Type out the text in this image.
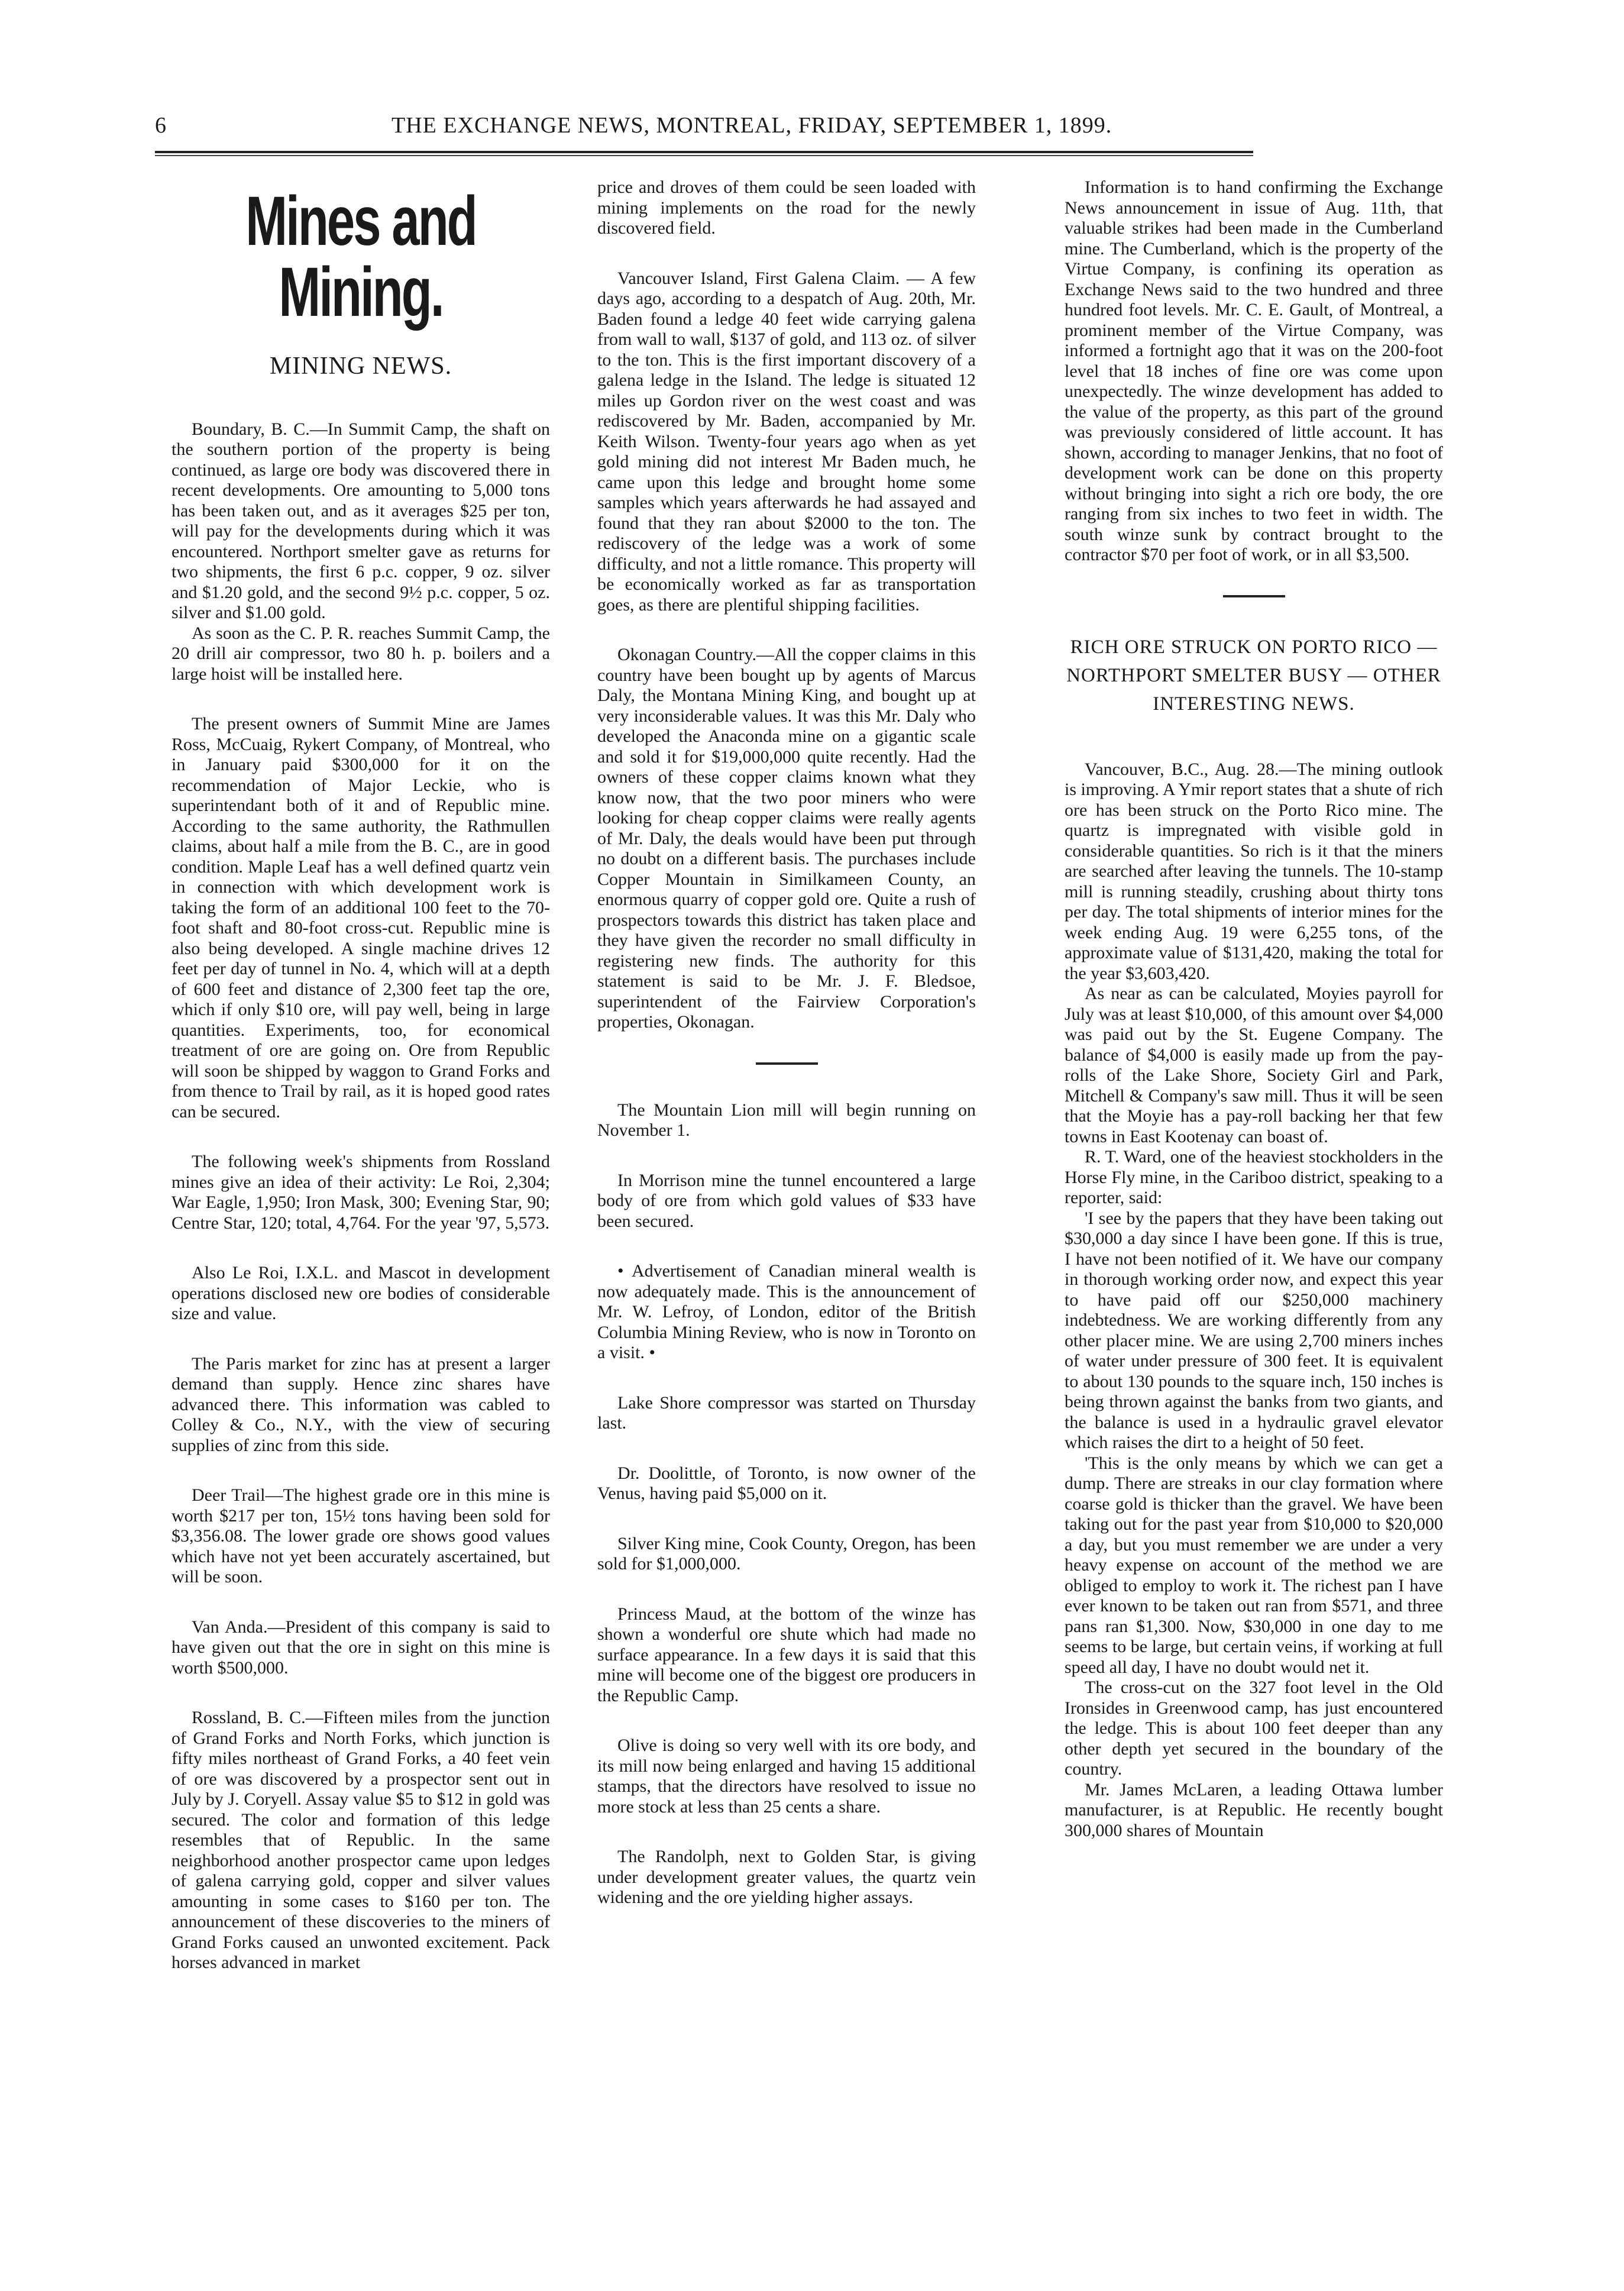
6	THE EXCHANGE NEWS, MONTREAL, FRIDAY, SEPTEMBER 1, 1899.
Mines and Mining.
MINING NEWS.

Boundary, B. C.—In Summit Camp, the shaft on the southern portion of the property is being continued, as large ore body was discovered there in recent developments. Ore amounting to 5,000 tons has been taken out, and as it averages $25 per ton, will pay for the developments during which it was encountered. Northport smelter gave as returns for two shipments, the first 6 p.c. copper, 9 oz. silver and $1.20 gold, and the second 9½ p.c. copper, 5 oz. silver and $1.00 gold.

As soon as the C. P. R. reaches Summit Camp, the 20 drill air compressor, two 80 h. p. boilers and a large hoist will be installed here.

The present owners of Summit Mine are James Ross, McCuaig, Rykert Company, of Montreal, who in January paid $300,000 for it on the recommendation of Major Leckie, who is superintendant both of it and of Republic mine. According to the same authority, the Rathmullen claims, about half a mile from the B. C., are in good condition. Maple Leaf has a well defined quartz vein in connection with which development work is taking the form of an additional 100 feet to the 70-foot shaft and 80-foot cross-cut. Republic mine is also being developed. A single machine drives 12 feet per day of tunnel in No. 4, which will at a depth of 600 feet and distance of 2,300 feet tap the ore, which if only $10 ore, will pay well, being in large quantities. Experiments, too, for economical treatment of ore are going on. Ore from Republic will soon be shipped by waggon to Grand Forks and from thence to Trail by rail, as it is hoped good rates can be secured.

The following week's shipments from Rossland mines give an idea of their activity: Le Roi, 2,304; War Eagle, 1,950; Iron Mask, 300; Evening Star, 90; Centre Star, 120; total, 4,764. For the year '97, 5,573.

Also Le Roi, I.X.L. and Mascot in development operations disclosed new ore bodies of considerable size and value.

The Paris market for zinc has at present a larger demand than supply. Hence zinc shares have advanced there. This information was cabled to Colley & Co., N.Y., with the view of securing supplies of zinc from this side.

Deer Trail—The highest grade ore in this mine is worth $217 per ton, 15½ tons having been sold for $3,356.08. The lower grade ore shows good values which have not yet been accurately ascertained, but will be soon.

Van Anda.—President of this company is said to have given out that the ore in sight on this mine is worth $500,000.

Rossland, B. C.—Fifteen miles from the junction of Grand Forks and North Forks, which junction is fifty miles northeast of Grand Forks, a 40 feet vein of ore was discovered by a prospector sent out in July by J. Coryell. Assay value $5 to $12 in gold was secured. The color and formation of this ledge resembles that of Republic. In the same neighborhood another prospector came upon ledges of galena carrying gold, copper and silver values amounting in some cases to $160 per ton. The announcement of these discoveries to the miners of Grand Forks caused an unwonted excitement. Pack horses advanced in market

price and droves of them could be seen loaded with mining implements on the road for the newly discovered field.

Vancouver Island, First Galena Claim. — A few days ago, according to a despatch of Aug. 20th, Mr. Baden found a ledge 40 feet wide carrying galena from wall to wall, $137 of gold, and 113 oz. of silver to the ton. This is the first important discovery of a galena ledge in the Island. The ledge is situated 12 miles up Gordon river on the west coast and was rediscovered by Mr. Baden, accompanied by Mr. Keith Wilson. Twenty-four years ago when as yet gold mining did not interest Mr Baden much, he came upon this ledge and brought home some samples which years afterwards he had assayed and found that they ran about $2000 to the ton. The rediscovery of the ledge was a work of some difficulty, and not a little romance. This property will be economically worked as far as transportation goes, as there are plentiful shipping facilities.

Okonagan Country.—All the copper claims in this country have been bought up by agents of Marcus Daly, the Montana Mining King, and bought up at very inconsiderable values. It was this Mr. Daly who developed the Anaconda mine on a gigantic scale and sold it for $19,000,000 quite recently. Had the owners of these copper claims known what they know now, that the two poor miners who were looking for cheap copper claims were really agents of Mr. Daly, the deals would have been put through no doubt on a different basis. The purchases include Copper Mountain in Similkameen County, an enormous quarry of copper gold ore. Quite a rush of prospectors towards this district has taken place and they have given the recorder no small difficulty in registering new finds. The authority for this statement is said to be Mr. J. F. Bledsoe, superintendent of the Fairview Corporation's properties, Okonagan.

The Mountain Lion mill will begin running on November 1.

In Morrison mine the tunnel encountered a large body of ore from which gold values of $33 have been secured.

• Advertisement of Canadian mineral wealth is now adequately made. This is the announcement of Mr. W. Lefroy, of London, editor of the British Columbia Mining Review, who is now in Toronto on a visit. •

Lake Shore compressor was started on Thursday last.

Dr. Doolittle, of Toronto, is now owner of the Venus, having paid $5,000 on it.

Silver King mine, Cook County, Oregon, has been sold for $1,000,000.

Princess Maud, at the bottom of the winze has shown a wonderful ore shute which had made no surface appearance. In a few days it is said that this mine will become one of the biggest ore producers in the Republic Camp.

Olive is doing so very well with its ore body, and its mill now being enlarged and having 15 additional stamps, that the directors have resolved to issue no more stock at less than 25 cents a share.

The Randolph, next to Golden Star, is giving under development greater values, the quartz vein widening and the ore yielding higher assays.

Information is to hand confirming the Exchange News announcement in issue of Aug. 11th, that valuable strikes had been made in the Cumberland mine. The Cumberland, which is the property of the Virtue Company, is confining its operation as Exchange News said to the two hundred and three hundred foot levels. Mr. C. E. Gault, of Montreal, a prominent member of the Virtue Company, was informed a fortnight ago that it was on the 200-foot level that 18 inches of fine ore was come upon unexpectedly. The winze development has added to the value of the property, as this part of the ground was previously considered of little account. It has shown, according to manager Jenkins, that no foot of development work can be done on this property without bringing into sight a rich ore body, the ore ranging from six inches to two feet in width. The south winze sunk by contract brought to the contractor $70 per foot of work, or in all $3,500.

RICH ORE STRUCK ON PORTO RICO — NORTHPORT SMELTER BUSY — OTHER INTERESTING NEWS.

Vancouver, B.C., Aug. 28.—The mining outlook is improving. A Ymir report states that a shute of rich ore has been struck on the Porto Rico mine. The quartz is impregnated with visible gold in considerable quantities. So rich is it that the miners are searched after leaving the tunnels. The 10-stamp mill is running steadily, crushing about thirty tons per day. The total shipments of interior mines for the week ending Aug. 19 were 6,255 tons, of the approximate value of $131,420, making the total for the year $3,603,420.

As near as can be calculated, Moyies payroll for July was at least $10,000, of this amount over $4,000 was paid out by the St. Eugene Company. The balance of $4,000 is easily made up from the pay-rolls of the Lake Shore, Society Girl and Park, Mitchell & Company's saw mill. Thus it will be seen that the Moyie has a pay-roll backing her that few towns in East Kootenay can boast of.

R. T. Ward, one of the heaviest stockholders in the Horse Fly mine, in the Cariboo district, speaking to a reporter, said:

'I see by the papers that they have been taking out $30,000 a day since I have been gone. If this is true, I have not been notified of it. We have our company in thorough working order now, and expect this year to have paid off our $250,000 machinery indebtedness. We are working differently from any other placer mine. We are using 2,700 miners inches of water under pressure of 300 feet. It is equivalent to about 130 pounds to the square inch, 150 inches is being thrown against the banks from two giants, and the balance is used in a hydraulic gravel elevator which raises the dirt to a height of 50 feet.

'This is the only means by which we can get a dump. There are streaks in our clay formation where coarse gold is thicker than the gravel. We have been taking out for the past year from $10,000 to $20,000 a day, but you must remember we are under a very heavy expense on account of the method we are obliged to employ to work it. The richest pan I have ever known to be taken out ran from $571, and three pans ran $1,300. Now, $30,000 in one day to me seems to be large, but certain veins, if working at full speed all day, I have no doubt would net it.

The cross-cut on the 327 foot level in the Old Ironsides in Greenwood camp, has just encountered the ledge. This is about 100 feet deeper than any other depth yet secured in the boundary of the country.

Mr. James McLaren, a leading Ottawa lumber manufacturer, is at Republic. He recently bought 300,000 shares of Mountain
